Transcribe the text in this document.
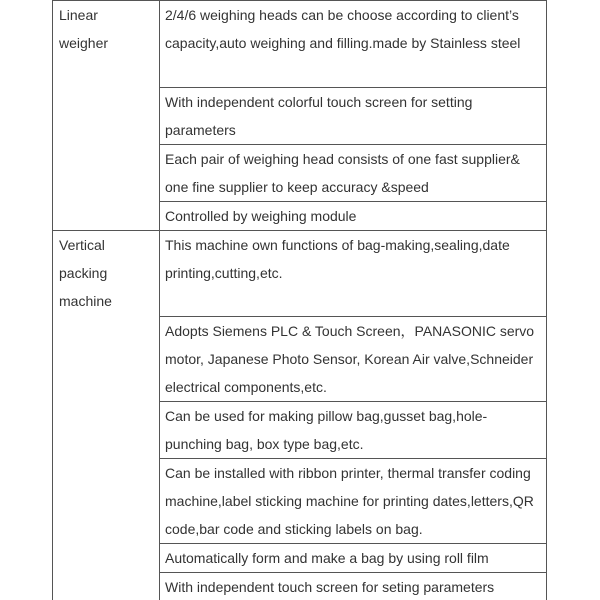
Linear
weigher	2/4/6 weighing heads can be choose according to client’s capacity,auto weighing and filling.made by Stainless steel

	With independent colorful touch screen for setting parameters

	Each pair of weighing head consists of one fast supplier& one fine supplier to keep accuracy &speed

	Controlled by weighing module

Vertical
packing
machine	This machine own functions of bag-making,sealing,date printing,cutting,etc.

	Adopts Siemens PLC & Touch Screen，PANASONIC servo motor, Japanese Photo Sensor, Korean Air valve,Schneider electrical components,etc.

	Can be used for making pillow bag,gusset bag,hole-punching bag, box type bag,etc.

	Can be installed with ribbon printer, thermal transfer coding machine,label sticking machine for printing dates,letters,QR code,bar code and sticking labels on bag.

	Automatically form and make a bag by using roll film

	With independent touch screen for seting parameters
